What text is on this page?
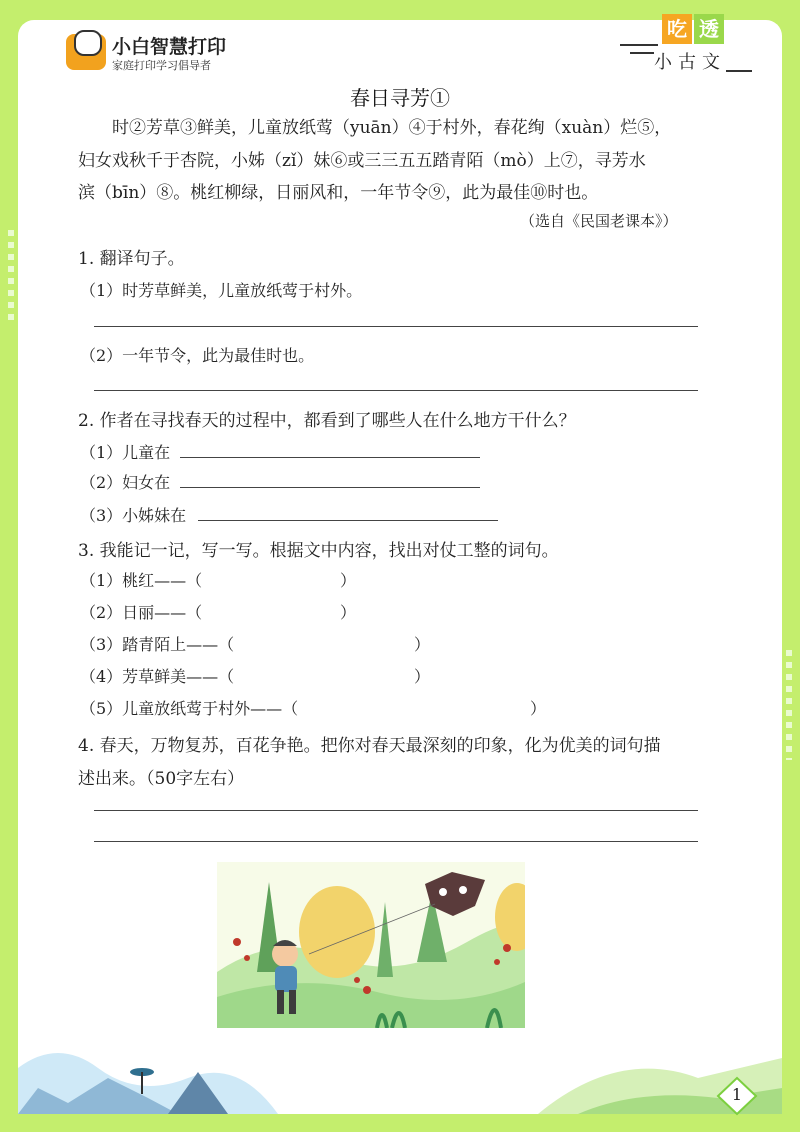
小白智慧打印
家庭打印学习倡导者
吃 透
小古文
春日寻芳①
　　时②芳草③鲜美，儿童放纸莺（yuān）④于村外，春花绚（xuàn）烂⑤，
妇女戏秋千于杏院，小姊（zǐ）妹⑥或三三五五踏青陌（mò）上⑦，寻芳水
滨（bīn）⑧。桃红柳绿，日丽风和，一年节令⑨，此为最佳⑩时也。
（选自《民国老课本》）
1. 翻译句子。
（1）时芳草鲜美，儿童放纸莺于村外。
（2）一年节令，此为最佳时也。
2. 作者在寻找春天的过程中，都看到了哪些人在什么地方干什么？
（1）儿童在
（2）妇女在
（3）小姊妹在
3. 我能记一记，写一写。根据文中内容，找出对仗工整的词句。
（1）桃红——（	）
（2）日丽——（	）
（3）踏青陌上——（	）
（4）芳草鲜美——（	）
（5）儿童放纸莺于村外——（	）
4. 春天，万物复苏，百花争艳。把你对春天最深刻的印象，化为优美的词句描
述出来。（50字左右）
1
